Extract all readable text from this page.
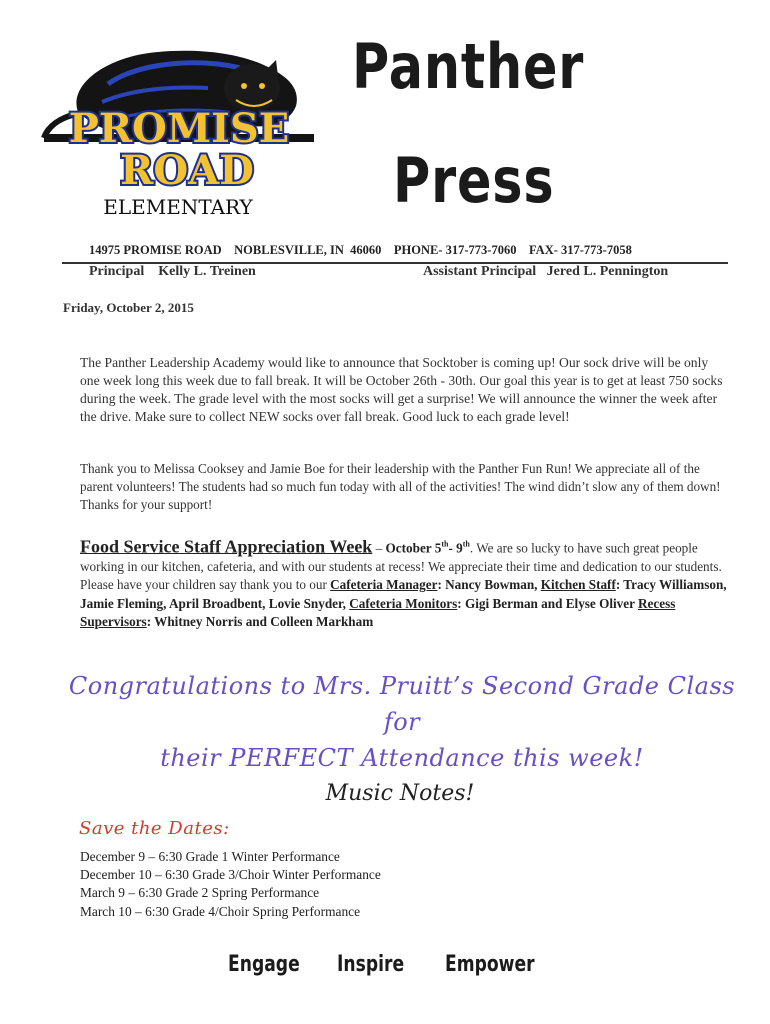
PROMISE
ROAD
ELEMENTARY
Panther
Press
14975 PROMISE ROAD    NOBLESVILLE, IN  46060    PHONE- 317-773-7060    FAX- 317-773-7058
Principal    Kelly L. Treinen	Assistant Principal   Jered L. Pennington
Friday, October 2, 2015
The Panther Leadership Academy would like to announce that Socktober is coming up! Our sock drive will be only one week long this week due to fall break. It will be October 26th - 30th. Our goal this year is to get at least 750 socks during the week. The grade level with the most socks will get a surprise! We will announce the winner the week after the drive. Make sure to collect NEW socks over fall break. Good luck to each grade level!
Thank you to Melissa Cooksey and Jamie Boe for their leadership with the Panther Fun Run! We appreciate all of the parent volunteers! The students had so much fun today with all of the activities! The wind didn’t slow any of them down! Thanks for your support!
Food Service Staff Appreciation Week – October 5th- 9th. We are so lucky to have such great people working in our kitchen, cafeteria, and with our students at recess! We appreciate their time and dedication to our students. Please have your children say thank you to our Cafeteria Manager: Nancy Bowman, Kitchen Staff: Tracy Williamson, Jamie Fleming, April Broadbent, Lovie Snyder, Cafeteria Monitors: Gigi Berman and Elyse Oliver Recess Supervisors: Whitney Norris and Colleen Markham
Congratulations to Mrs. Pruitt’s Second Grade Class for
their PERFECT Attendance this week!
Music Notes!
Save the Dates:
December 9 – 6:30 Grade 1 Winter Performance
December 10 – 6:30 Grade 3/Choir Winter Performance
March 9 – 6:30 Grade 2 Spring Performance
March 10 – 6:30 Grade 4/Choir Spring Performance
Engage Inspire Empower
